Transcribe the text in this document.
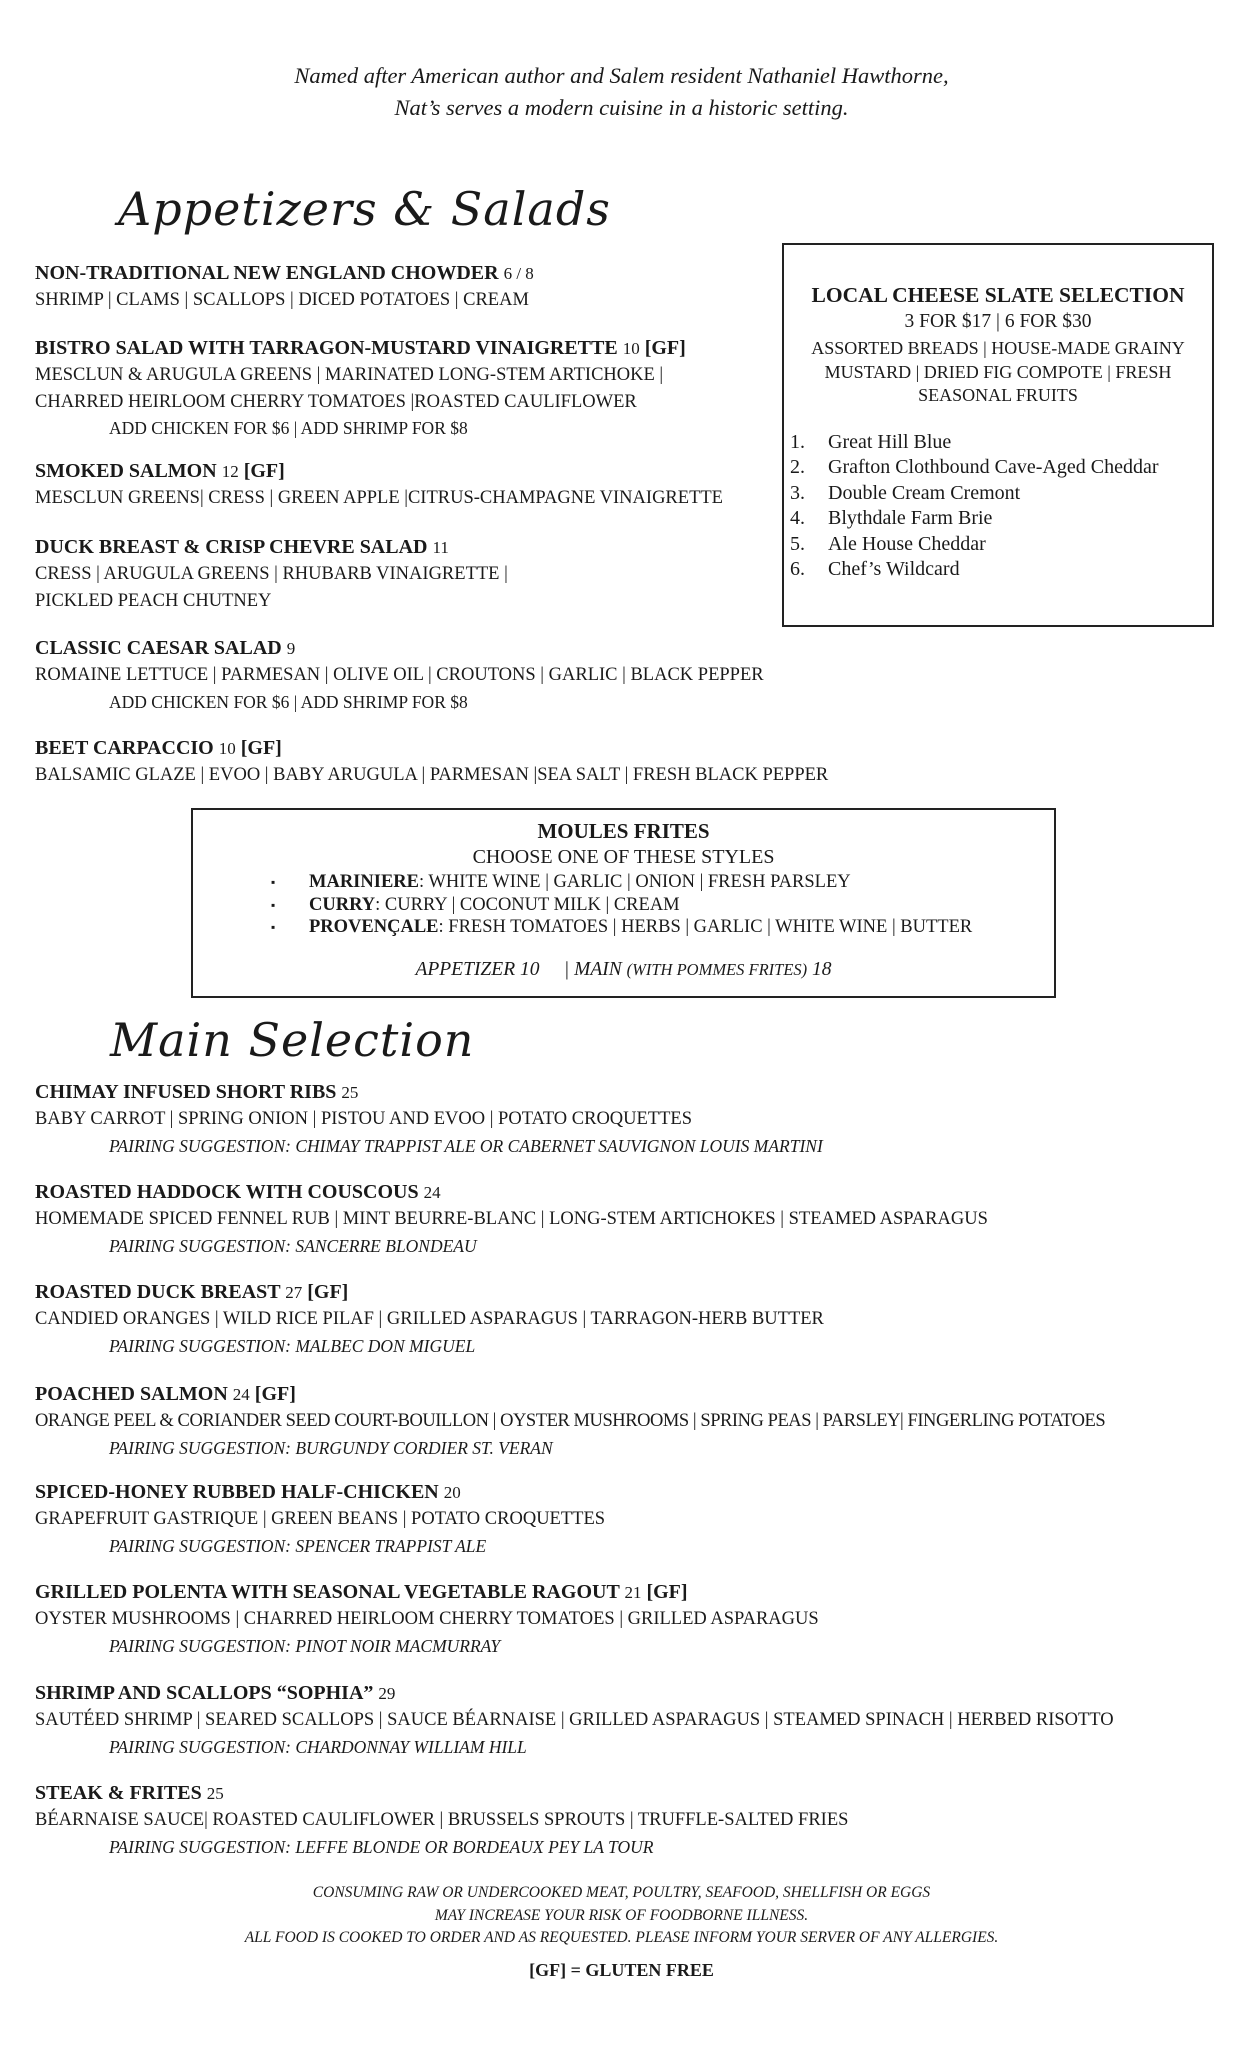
Named after American author and Salem resident Nathaniel Hawthorne,
Nat’s serves a modern cuisine in a historic setting.
Appetizers & Salads
NON-TRADITIONAL NEW ENGLAND CHOWDER 6 / 8
SHRIMP | CLAMS | SCALLOPS | DICED POTATOES | CREAM
BISTRO SALAD WITH TARRAGON-MUSTARD VINAIGRETTE 10 [GF]
MESCLUN & ARUGULA GREENS | MARINATED LONG-STEM ARTICHOKE |
CHARRED HEIRLOOM CHERRY TOMATOES |ROASTED CAULIFLOWER
ADD CHICKEN FOR $6 | ADD SHRIMP FOR $8
SMOKED SALMON 12 [GF]
MESCLUN GREENS| CRESS | GREEN APPLE |CITRUS-CHAMPAGNE VINAIGRETTE
DUCK BREAST & CRISP CHEVRE SALAD 11
CRESS | ARUGULA GREENS | RHUBARB VINAIGRETTE |
PICKLED PEACH CHUTNEY
CLASSIC CAESAR SALAD 9
ROMAINE LETTUCE | PARMESAN | OLIVE OIL | CROUTONS | GARLIC | BLACK PEPPER
ADD CHICKEN FOR $6 | ADD SHRIMP FOR $8
BEET CARPACCIO 10 [GF]
BALSAMIC GLAZE | EVOO | BABY ARUGULA | PARMESAN |SEA SALT | FRESH BLACK PEPPER
LOCAL CHEESE SLATE SELECTION
3 FOR $17 | 6 FOR $30
ASSORTED BREADS | HOUSE-MADE GRAINY
MUSTARD | DRIED FIG COMPOTE | FRESH
SEASONAL FRUITS
1.	Great Hill Blue
2.	Grafton Clothbound Cave-Aged Cheddar
3.	Double Cream Cremont
4.	Blythdale Farm Brie
5.	Ale House Cheddar
6.	Chef’s Wildcard
MOULES FRITES
CHOOSE ONE OF THESE STYLES
▪	MARINIERE: WHITE WINE | GARLIC | ONION | FRESH PARSLEY
▪	CURRY: CURRY | COCONUT MILK | CREAM
▪	PROVENÇALE: FRESH TOMATOES | HERBS | GARLIC | WHITE WINE | BUTTER
APPETIZER 10 | MAIN (WITH POMMES FRITES) 18
Main Selection
CHIMAY INFUSED SHORT RIBS 25
BABY CARROT | SPRING ONION | PISTOU AND EVOO | POTATO CROQUETTES
PAIRING SUGGESTION: CHIMAY TRAPPIST ALE OR CABERNET SAUVIGNON LOUIS MARTINI
ROASTED HADDOCK WITH COUSCOUS 24
HOMEMADE SPICED FENNEL RUB | MINT BEURRE-BLANC | LONG-STEM ARTICHOKES | STEAMED ASPARAGUS
PAIRING SUGGESTION: SANCERRE BLONDEAU
ROASTED DUCK BREAST 27 [GF]
CANDIED ORANGES | WILD RICE PILAF | GRILLED ASPARAGUS | TARRAGON-HERB BUTTER
PAIRING SUGGESTION: MALBEC DON MIGUEL
POACHED SALMON 24 [GF]
ORANGE PEEL & CORIANDER SEED COURT-BOUILLON | OYSTER MUSHROOMS | SPRING PEAS | PARSLEY| FINGERLING POTATOES
PAIRING SUGGESTION: BURGUNDY CORDIER ST. VERAN
SPICED-HONEY RUBBED HALF-CHICKEN 20
GRAPEFRUIT GASTRIQUE | GREEN BEANS | POTATO CROQUETTES
PAIRING SUGGESTION: SPENCER TRAPPIST ALE
GRILLED POLENTA WITH SEASONAL VEGETABLE RAGOUT 21 [GF]
OYSTER MUSHROOMS | CHARRED HEIRLOOM CHERRY TOMATOES | GRILLED ASPARAGUS
PAIRING SUGGESTION: PINOT NOIR MACMURRAY
SHRIMP AND SCALLOPS “SOPHIA” 29
SAUTÉED SHRIMP | SEARED SCALLOPS | SAUCE BÉARNAISE | GRILLED ASPARAGUS | STEAMED SPINACH | HERBED RISOTTO
PAIRING SUGGESTION: CHARDONNAY WILLIAM HILL
STEAK & FRITES 25
BÉARNAISE SAUCE| ROASTED CAULIFLOWER | BRUSSELS SPROUTS | TRUFFLE-SALTED FRIES
PAIRING SUGGESTION: LEFFE BLONDE OR BORDEAUX PEY LA TOUR
CONSUMING RAW OR UNDERCOOKED MEAT, POULTRY, SEAFOOD, SHELLFISH OR EGGS
MAY INCREASE YOUR RISK OF FOODBORNE ILLNESS.
ALL FOOD IS COOKED TO ORDER AND AS REQUESTED. PLEASE INFORM YOUR SERVER OF ANY ALLERGIES.
[GF] = GLUTEN FREE
